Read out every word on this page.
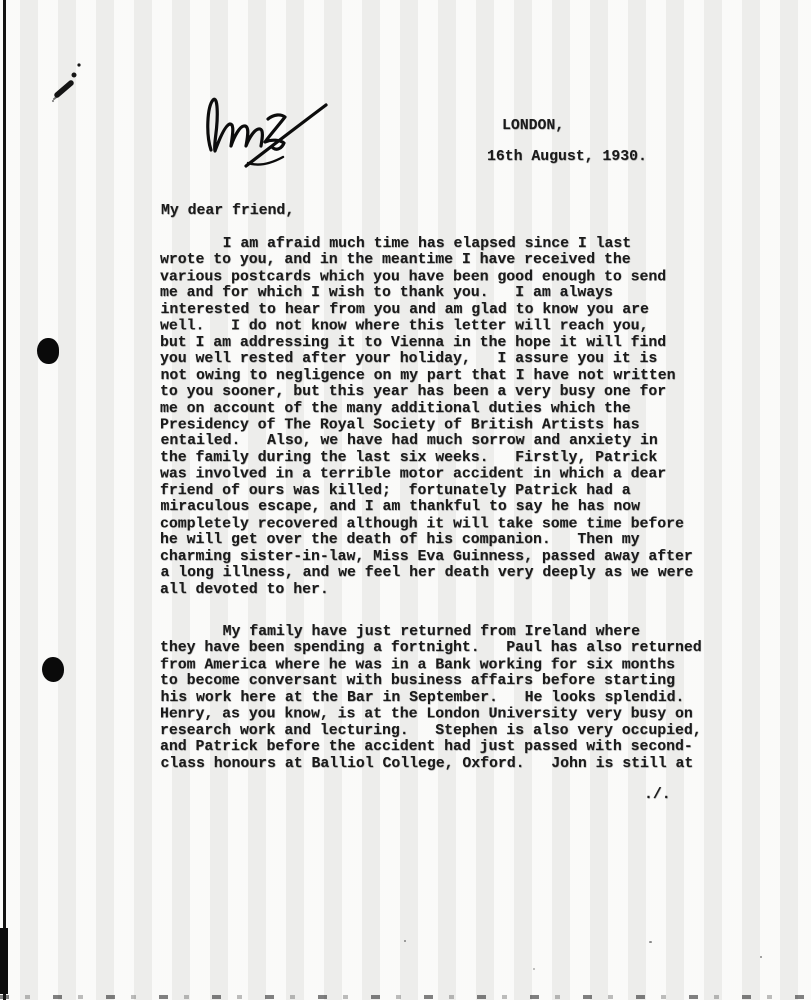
LONDON,
16th August, 1930.
My dear friend,
I am afraid much time has elapsed since I last
wrote to you, and in the meantime I have received the
various postcards which you have been good enough to send
me and for which I wish to thank you.   I am always
interested to hear from you and am glad to know you are
well.   I do not know where this letter will reach you,
but I am addressing it to Vienna in the hope it will find
you well rested after your holiday,   I assure you it is
not owing to negligence on my part that I have not written
to you sooner, but this year has been a very busy one for
me on account of the many additional duties which the
Presidency of The Royal Society of British Artists has
entailed.   Also, we have had much sorrow and anxiety in
the family during the last six weeks.   Firstly, Patrick
was involved in a terrible motor accident in which a dear
friend of ours was killed;  fortunately Patrick had a
miraculous escape, and I am thankful to say he has now
completely recovered although it will take some time before
he will get over the death of his companion.   Then my
charming sister-in-law, Miss Eva Guinness, passed away after
a long illness, and we feel her death very deeply as we were
all devoted to her.
My family have just returned from Ireland where
they have been spending a fortnight.   Paul has also returned
from America where he was in a Bank working for six months
to become conversant with business affairs before starting
his work here at the Bar in September.   He looks splendid.
Henry, as you know, is at the London University very busy on
research work and lecturing.   Stephen is also very occupied,
and Patrick before the accident had just passed with second-
class honours at Balliol College, Oxford.   John is still at
./.
